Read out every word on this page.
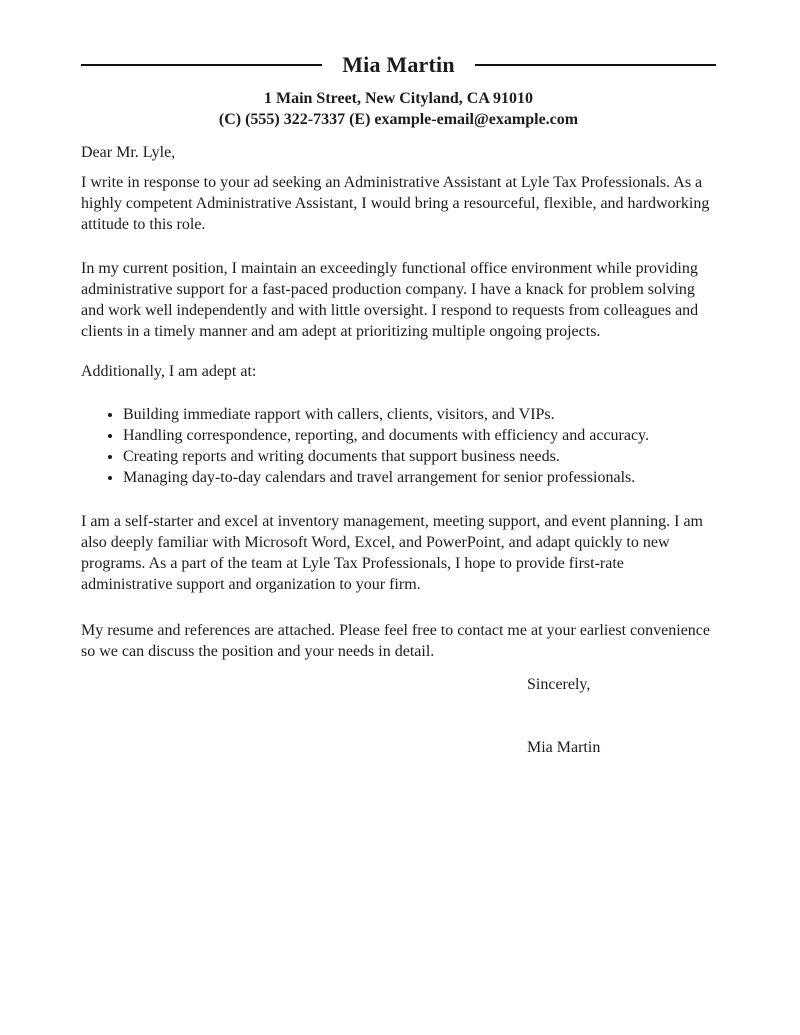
Mia Martin
1 Main Street, New Cityland, CA 91010
(C) (555) 322-7337 (E) example-email@example.com
Dear Mr. Lyle,

I write in response to your ad seeking an Administrative Assistant at Lyle Tax Professionals. As a highly competent Administrative Assistant, I would bring a resourceful, flexible, and hardworking attitude to this role.

In my current position, I maintain an exceedingly functional office environment while providing administrative support for a fast-paced production company. I have a knack for problem solving and work well independently and with little oversight. I respond to requests from colleagues and clients in a timely manner and am adept at prioritizing multiple ongoing projects.

Additionally, I am adept at:

• Building immediate rapport with callers, clients, visitors, and VIPs.
• Handling correspondence, reporting, and documents with efficiency and accuracy.
• Creating reports and writing documents that support business needs.
• Managing day-to-day calendars and travel arrangement for senior professionals.

I am a self-starter and excel at inventory management, meeting support, and event planning. I am also deeply familiar with Microsoft Word, Excel, and PowerPoint, and adapt quickly to new programs. As a part of the team at Lyle Tax Professionals, I hope to provide first-rate administrative support and organization to your firm.

My resume and references are attached. Please feel free to contact me at your earliest convenience so we can discuss the position and your needs in detail.

Sincerely,
Mia Martin
